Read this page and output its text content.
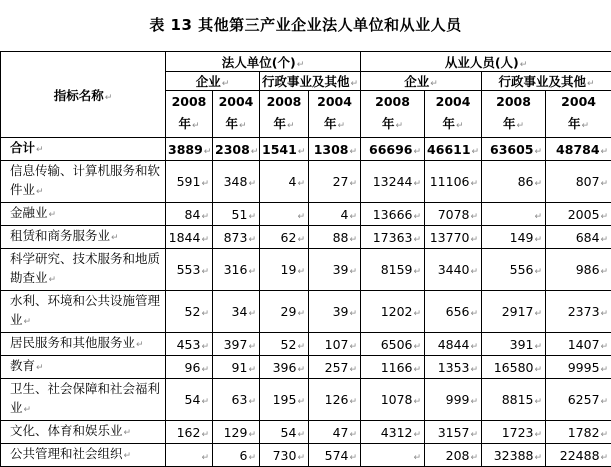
表 13 其他第三产业企业法人单位和从业人员
指标名称↵	法人单位(个)↵				从业人员(人)↵			
	企业↵		行政事业及其他↵		企业↵		行政事业及其他↵	
	2008
年↵	2004
年↵	2008
年↵	2004
年↵	2008
年↵	2004
年↵	2008
年↵	2004
年↵
合计↵	3889↵	2308↵	1541↵	1308↵	66696↵	46611↵	63605↵	48784↵
信息传输、计算机服务和软件业↵	591↵	348↵	4↵	27↵	13244↵	11106↵	86↵	807↵
金融业↵	84↵	51↵	↵	4↵	13666↵	7078↵	↵	2005↵
租赁和商务服务业↵	1844↵	873↵	62↵	88↵	17363↵	13770↵	149↵	684↵
科学研究、技术服务和地质勘查业↵	553↵	316↵	19↵	39↵	8159↵	3440↵	556↵	986↵
水利、环境和公共设施管理业↵	52↵	34↵	29↵	39↵	1202↵	656↵	2917↵	2373↵
居民服务和其他服务业↵	453↵	397↵	52↵	107↵	6506↵	4844↵	391↵	1407↵
教育↵	96↵	91↵	396↵	257↵	1166↵	1353↵	16580↵	9995↵
卫生、社会保障和社会福利业↵	54↵	63↵	195↵	126↵	1078↵	999↵	8815↵	6257↵
文化、体育和娱乐业↵	162↵	129↵	54↵	47↵	4312↵	3157↵	1723↵	1782↵
公共管理和社会组织↵	↵	6↵	730↵	574↵	↵	208↵	32388↵	22488↵
